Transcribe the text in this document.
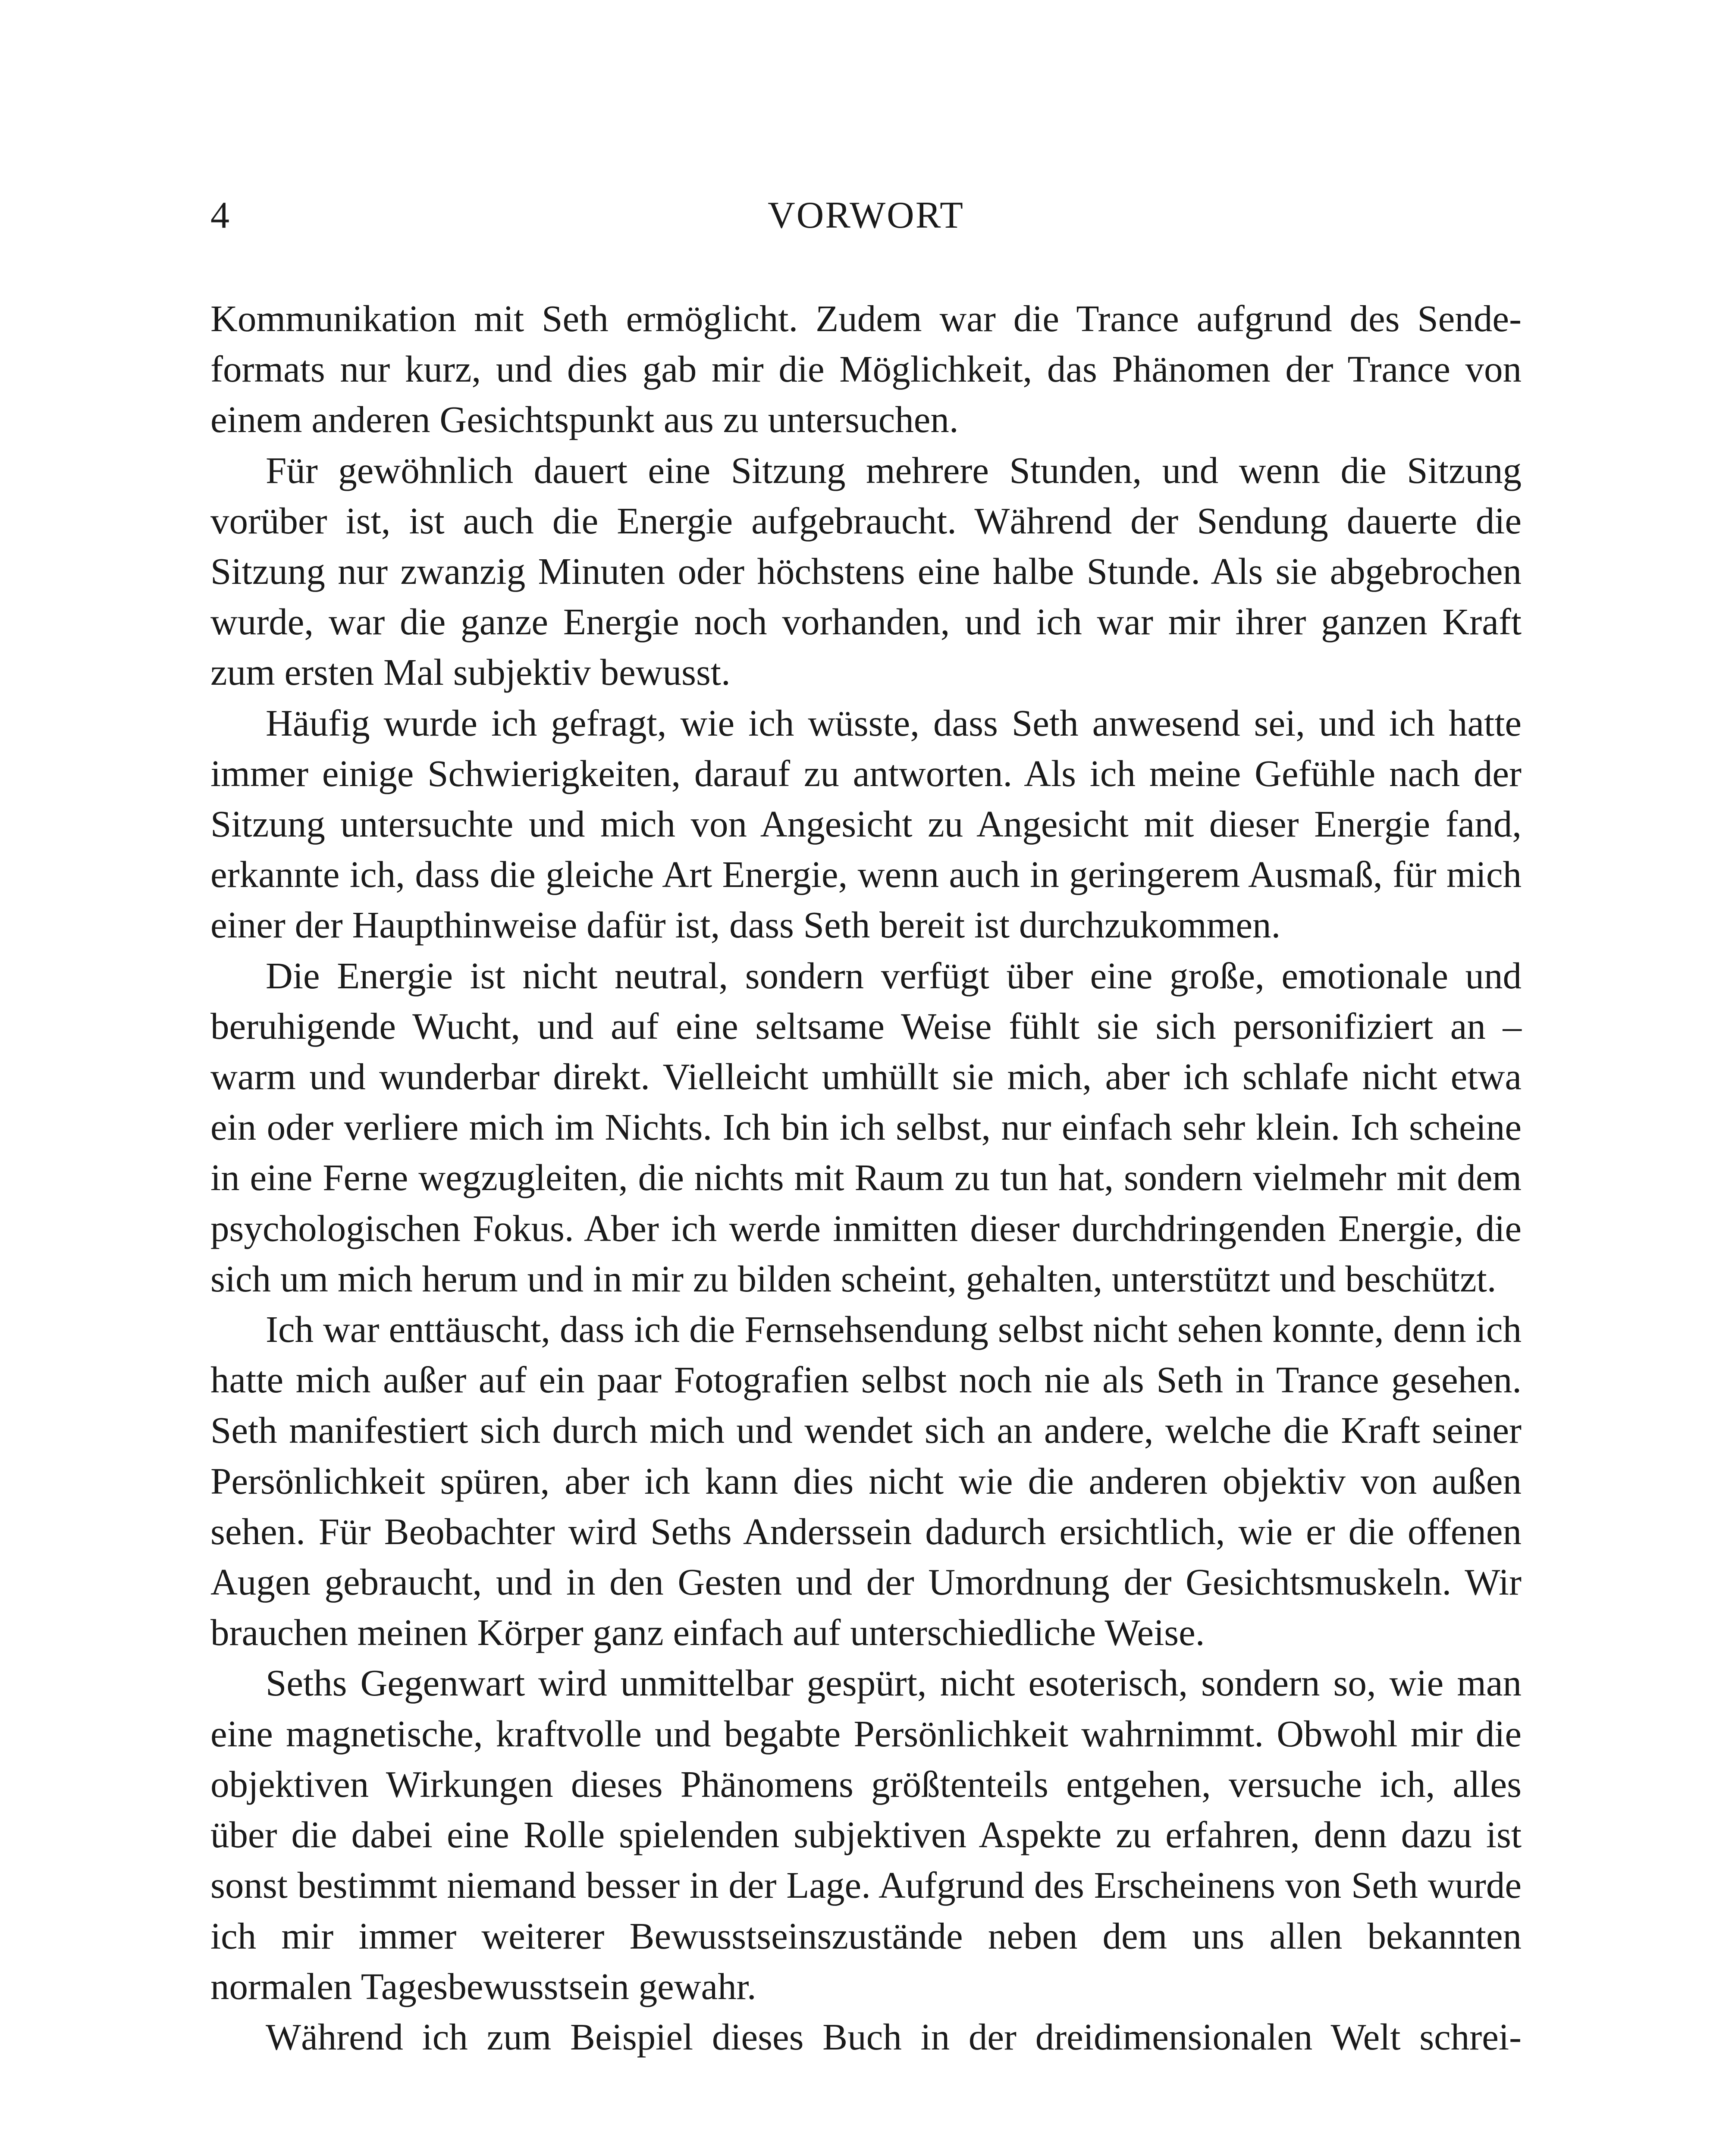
4	VORWORT

Kommunikation mit Seth ermöglicht. Zudem war die Trance aufgrund des Sendeformats nur kurz, und dies gab mir die Möglichkeit, das Phänomen der Trance von einem anderen Gesichtspunkt aus zu untersuchen.

Für gewöhnlich dauert eine Sitzung mehrere Stunden, und wenn die Sitzung vorüber ist, ist auch die Energie aufgebraucht. Während der Sendung dauerte die Sitzung nur zwanzig Minuten oder höchstens eine halbe Stunde. Als sie abgebrochen wurde, war die ganze Energie noch vorhanden, und ich war mir ihrer ganzen Kraft zum ersten Mal subjektiv bewusst.

Häufig wurde ich gefragt, wie ich wüsste, dass Seth anwesend sei, und ich hatte immer einige Schwierigkeiten, darauf zu antworten. Als ich meine Gefühle nach der Sitzung untersuchte und mich von Angesicht zu Angesicht mit dieser Energie fand, erkannte ich, dass die gleiche Art Energie, wenn auch in geringerem Ausmaß, für mich einer der Haupthinweise dafür ist, dass Seth bereit ist durchzukommen.

Die Energie ist nicht neutral, sondern verfügt über eine große, emotionale und beruhigende Wucht, und auf eine seltsame Weise fühlt sie sich personifiziert an – warm und wunderbar direkt. Vielleicht umhüllt sie mich, aber ich schlafe nicht etwa ein oder verliere mich im Nichts. Ich bin ich selbst, nur einfach sehr klein. Ich scheine in eine Ferne wegzugleiten, die nichts mit Raum zu tun hat, sondern vielmehr mit dem psychologischen Fokus. Aber ich werde inmitten dieser durchdringenden Energie, die sich um mich herum und in mir zu bilden scheint, gehalten, unterstützt und beschützt.

Ich war enttäuscht, dass ich die Fernsehsendung selbst nicht sehen konnte, denn ich hatte mich außer auf ein paar Fotografien selbst noch nie als Seth in Trance gesehen. Seth manifestiert sich durch mich und wendet sich an andere, welche die Kraft seiner Persönlichkeit spüren, aber ich kann dies nicht wie die anderen objektiv von außen sehen. Für Beobachter wird Seths Anderssein dadurch ersichtlich, wie er die offenen Augen gebraucht, und in den Gesten und der Umordnung der Gesichtsmuskeln. Wir brauchen meinen Körper ganz einfach auf unterschiedliche Weise.

Seths Gegenwart wird unmittelbar gespürt, nicht esoterisch, sondern so, wie man eine magnetische, kraftvolle und begabte Persönlichkeit wahrnimmt. Obwohl mir die objektiven Wirkungen dieses Phänomens größtenteils entgehen, versuche ich, alles über die dabei eine Rolle spielenden subjektiven Aspekte zu erfahren, denn dazu ist sonst bestimmt niemand besser in der Lage. Aufgrund des Erscheinens von Seth wurde ich mir immer weiterer Bewusstseinszustände neben dem uns allen bekannten normalen Tagesbewusstsein gewahr.

Während ich zum Beispiel dieses Buch in der dreidimensionalen Welt schrei-
